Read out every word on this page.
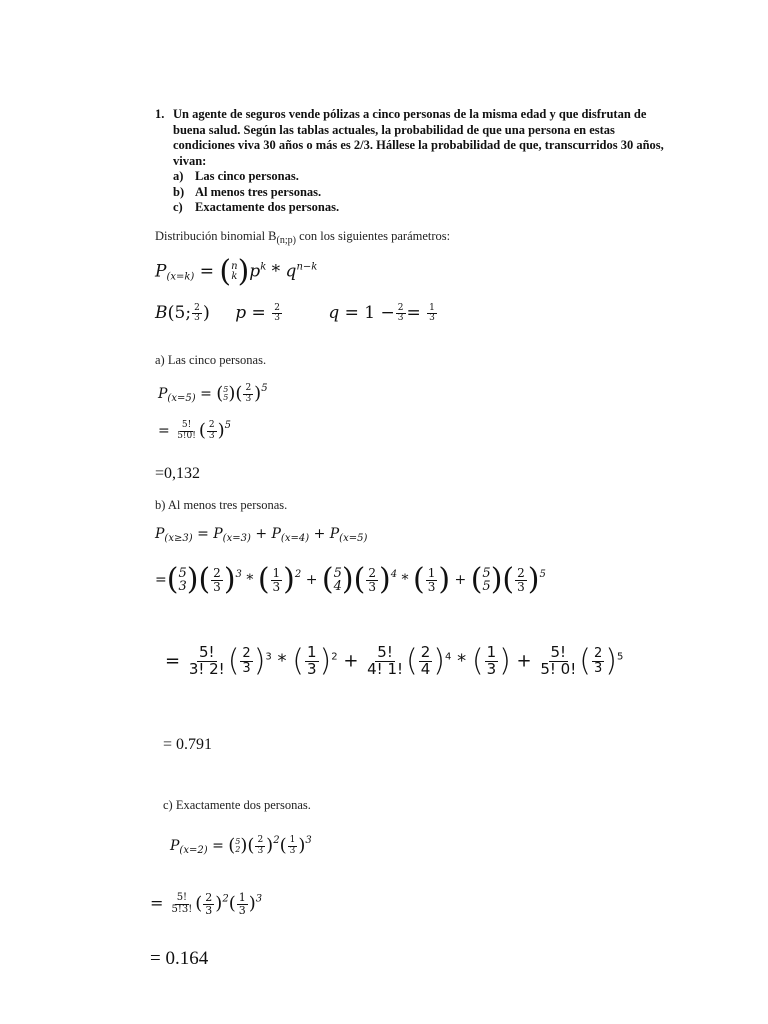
1. Un agente de seguros vende pólizas a cinco personas de la misma edad y que disfrutan de
buena salud. Según las tablas actuales, la probabilidad de que una persona en estas
condiciones viva 30 años o más es 2/3. Hállese la probabilidad de que, transcurridos 30 años,
vivan:
a) Las cinco personas.
b) Al menos tres personas.
c) Exactamente dos personas.
Distribución binomial $B_{(n;p)}$ con los siguientes parámetros:
$P_{(x=k)}$ = ( n
k )$p^k * q^{n-k}$
B(5; $\frac{2}{3}$ ) $p = \frac{2}{3}$	$q = 1 - \frac{2}{3} = \frac{1}{3}$
a) Las cinco personas.
$P_{(x=5)}$ = ( 5
5 )( $\frac{2}{3} )^5$
= $\frac{5!}{5!0!}$ ( $\frac{2}{3} )^5$
=0,132
b) Al menos tres personas.
$P_{(x\ge 3)} = P_{(x=3)} + P_{(x=4)} + P_{(x=5)}$
=( 5
3 )( $\frac{2}{3} )^3$ * ( $\frac{1}{3} )^2$ + ( 5
4 )( $\frac{2}{3} )^4$ * ( $\frac{1}{3}$ ) + ( 5
5 )( $\frac{2}{3} )^5$
= $\frac{5!}{3! 2!}$ ( $\frac{2}{3} )^3$ * ( $\frac{1}{3} )^2 + \frac{5!}{4! 1!}$ ( $\frac{2}{4} )^4$ * ( $\frac{1}{3}$ ) + $\frac{5!}{5! 0!}$ ( $\frac{2}{3} )^5$
= 0.791
c) Exactamente dos personas.
$P_{(x=2)}$ = ( 5
2 )( $\frac{2}{3} )^2( \frac{1}{3} )^3$
= $\frac{5!}{5!3!}$ ( $\frac{2}{3} )^2( \frac{1}{3} )^3$
= 0.164
